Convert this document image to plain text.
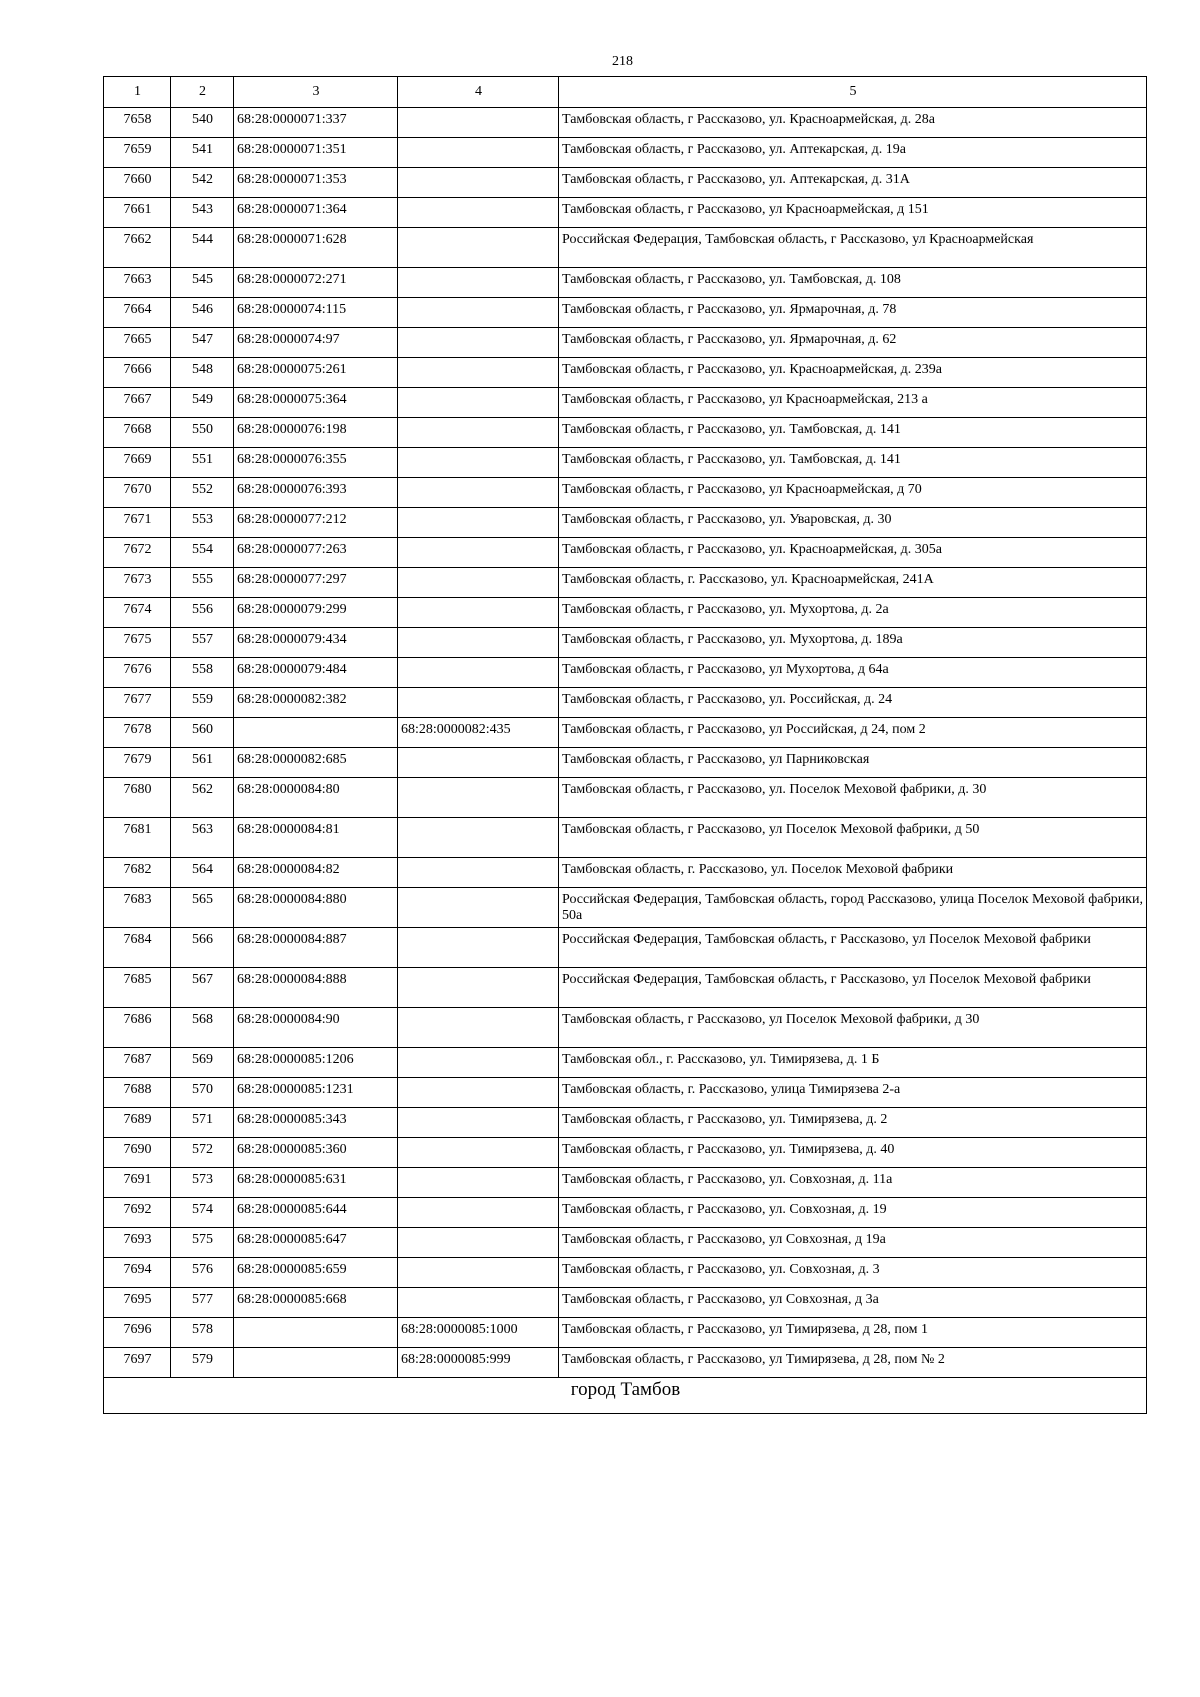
218
1	2	3	4	5
7658	540	68:28:0000071:337		Тамбовская область, г Рассказово, ул. Красноармейская, д. 28а
7659	541	68:28:0000071:351		Тамбовская область, г Рассказово, ул. Аптекарская, д. 19а
7660	542	68:28:0000071:353		Тамбовская область, г Рассказово, ул. Аптекарская, д. 31А
7661	543	68:28:0000071:364		Тамбовская область, г Рассказово, ул Красноармейская, д 151
7662	544	68:28:0000071:628		Российская Федерация, Тамбовская область, г Рассказово, ул Красноармейская
7663	545	68:28:0000072:271		Тамбовская область, г Рассказово, ул. Тамбовская, д. 108
7664	546	68:28:0000074:115		Тамбовская область, г Рассказово, ул. Ярмарочная, д. 78
7665	547	68:28:0000074:97		Тамбовская область, г Рассказово, ул. Ярмарочная, д. 62
7666	548	68:28:0000075:261		Тамбовская область, г Рассказово, ул. Красноармейская, д. 239а
7667	549	68:28:0000075:364		Тамбовская область, г Рассказово, ул Красноармейская, 213 а
7668	550	68:28:0000076:198		Тамбовская область, г Рассказово, ул. Тамбовская, д. 141
7669	551	68:28:0000076:355		Тамбовская область, г Рассказово, ул. Тамбовская, д. 141
7670	552	68:28:0000076:393		Тамбовская область, г Рассказово, ул Красноармейская, д 70
7671	553	68:28:0000077:212		Тамбовская область, г Рассказово, ул. Уваровская, д. 30
7672	554	68:28:0000077:263		Тамбовская область, г Рассказово, ул. Красноармейская, д. 305а
7673	555	68:28:0000077:297		Тамбовская область, г. Рассказово, ул. Красноармейская, 241А
7674	556	68:28:0000079:299		Тамбовская область, г Рассказово, ул. Мухортова, д. 2а
7675	557	68:28:0000079:434		Тамбовская область, г Рассказово, ул. Мухортова, д. 189а
7676	558	68:28:0000079:484		Тамбовская область, г Рассказово, ул Мухортова, д 64а
7677	559	68:28:0000082:382		Тамбовская область, г Рассказово, ул. Российская, д. 24
7678	560		68:28:0000082:435	Тамбовская область, г Рассказово, ул Российская, д 24, пом 2
7679	561	68:28:0000082:685		Тамбовская область, г Рассказово, ул Парниковская
7680	562	68:28:0000084:80		Тамбовская область, г Рассказово, ул. Поселок Меховой фабрики, д. 30
7681	563	68:28:0000084:81		Тамбовская область, г Рассказово, ул Поселок Меховой фабрики, д 50
7682	564	68:28:0000084:82		Тамбовская область, г. Рассказово, ул. Поселок Меховой фабрики
7683	565	68:28:0000084:880		Российская Федерация, Тамбовская область, город Рассказово, улица Поселок Меховой фабрики, 50а
7684	566	68:28:0000084:887		Российская Федерация, Тамбовская область, г Рассказово, ул Поселок Меховой фабрики
7685	567	68:28:0000084:888		Российская Федерация, Тамбовская область, г Рассказово, ул Поселок Меховой фабрики
7686	568	68:28:0000084:90		Тамбовская область, г Рассказово, ул Поселок Меховой фабрики, д 30
7687	569	68:28:0000085:1206		Тамбовская обл., г. Рассказово, ул. Тимирязева, д. 1 Б
7688	570	68:28:0000085:1231		Тамбовская область, г. Рассказово, улица Тимирязева 2-а
7689	571	68:28:0000085:343		Тамбовская область, г Рассказово, ул. Тимирязева, д. 2
7690	572	68:28:0000085:360		Тамбовская область, г Рассказово, ул. Тимирязева, д. 40
7691	573	68:28:0000085:631		Тамбовская область, г Рассказово, ул. Совхозная, д. 11а
7692	574	68:28:0000085:644		Тамбовская область, г Рассказово, ул. Совхозная, д. 19
7693	575	68:28:0000085:647		Тамбовская область, г Рассказово, ул Совхозная, д 19а
7694	576	68:28:0000085:659		Тамбовская область, г Рассказово, ул. Совхозная, д. 3
7695	577	68:28:0000085:668		Тамбовская область, г Рассказово, ул Совхозная, д 3а
7696	578		68:28:0000085:1000	Тамбовская область, г Рассказово, ул Тимирязева, д 28, пом 1
7697	579		68:28:0000085:999	Тамбовская область, г Рассказово, ул Тимирязева, д 28, пом № 2
город Тамбов				
